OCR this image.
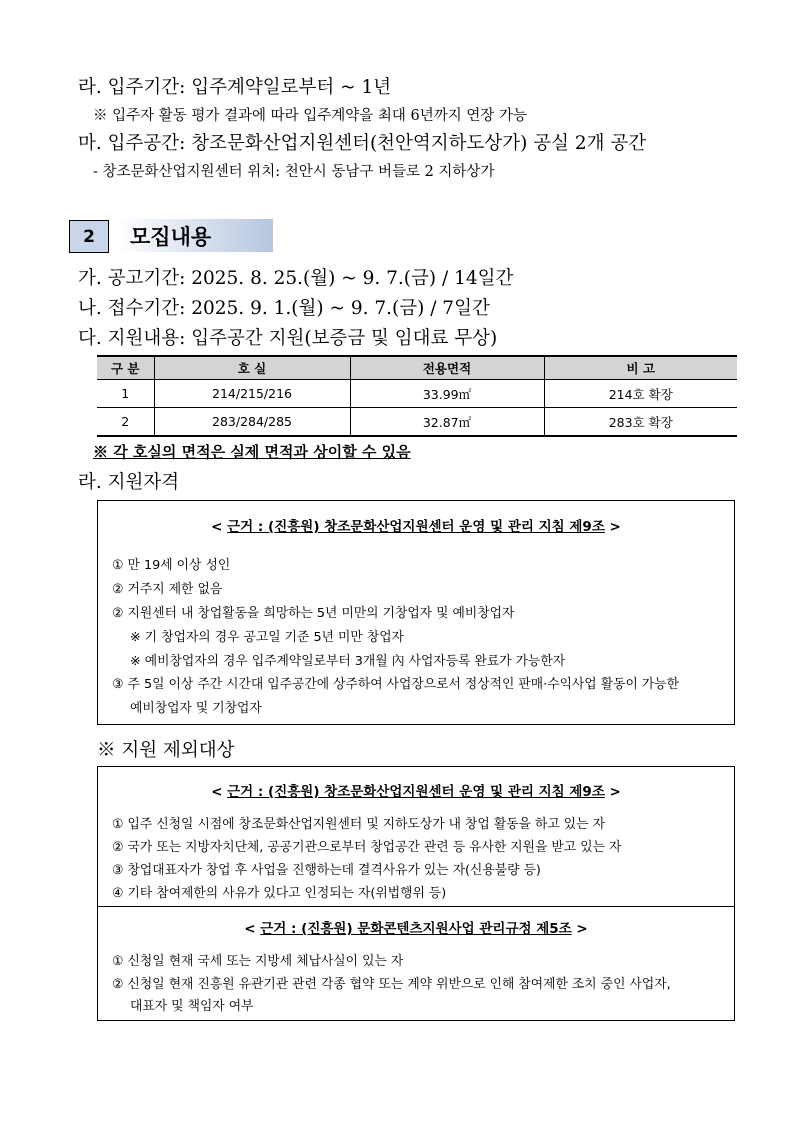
라. 입주기간: 입주계약일로부터 ~ 1년
※ 입주자 활동 평가 결과에 따라 입주계약을 최대 6년까지 연장 가능
마. 입주공간: 창조문화산업지원센터(천안역지하도상가) 공실 2개 공간
- 창조문화산업지원센터 위치: 천안시 동남구 버들로 2 지하상가
2	모집내용
가. 공고기간: 2025. 8. 25.(월) ~ 9. 7.(금) / 14일간
나. 접수기간: 2025. 9. 1.(월) ~ 9. 7.(금) / 7일간
다. 지원내용: 입주공간 지원(보증금 및 임대료 무상)
구 분	호 실	전용면적	비 고
1	214/215/216	33.99㎡	214호 확장
2	283/284/285	32.87㎡	283호 확장
※ 각 호실의 면적은 실제 면적과 상이할 수 있음
라. 지원자격
< 근거 : (진흥원) 창조문화산업지원센터 운영 및 관리 지침 제9조 >
① 만 19세 이상 성인
② 거주지 제한 없음
② 지원센터 내 창업활동을 희망하는 5년 미만의 기창업자 및 예비창업자
※ 기 창업자의 경우 공고일 기준 5년 미만 창업자
※ 예비창업자의 경우 입주계약일로부터 3개월 內 사업자등록 완료가 가능한자
③ 주 5일 이상 주간 시간대 입주공간에 상주하여 사업장으로서 정상적인 판매·수익사업 활동이 가능한
예비창업자 및 기창업자
※ 지원 제외대상
< 근거 : (진흥원) 창조문화산업지원센터 운영 및 관리 지침 제9조 >
① 입주 신청일 시점에 창조문화산업지원센터 및 지하도상가 내 창업 활동을 하고 있는 자
② 국가 또는 지방자치단체, 공공기관으로부터 창업공간 관련 등 유사한 지원을 받고 있는 자
③ 창업대표자가 창업 후 사업을 진행하는데 결격사유가 있는 자(신용불량 등)
④ 기타 참여제한의 사유가 있다고 인정되는 자(위법행위 등)
< 근거 : (진흥원) 문화콘텐츠지원사업 관리규정 제5조 >
① 신청일 현재 국세 또는 지방세 체납사실이 있는 자
② 신청일 현재 진흥원 유관기관 관련 각종 협약 또는 계약 위반으로 인해 참여제한 조치 중인 사업자,
대표자 및 책임자 여부
